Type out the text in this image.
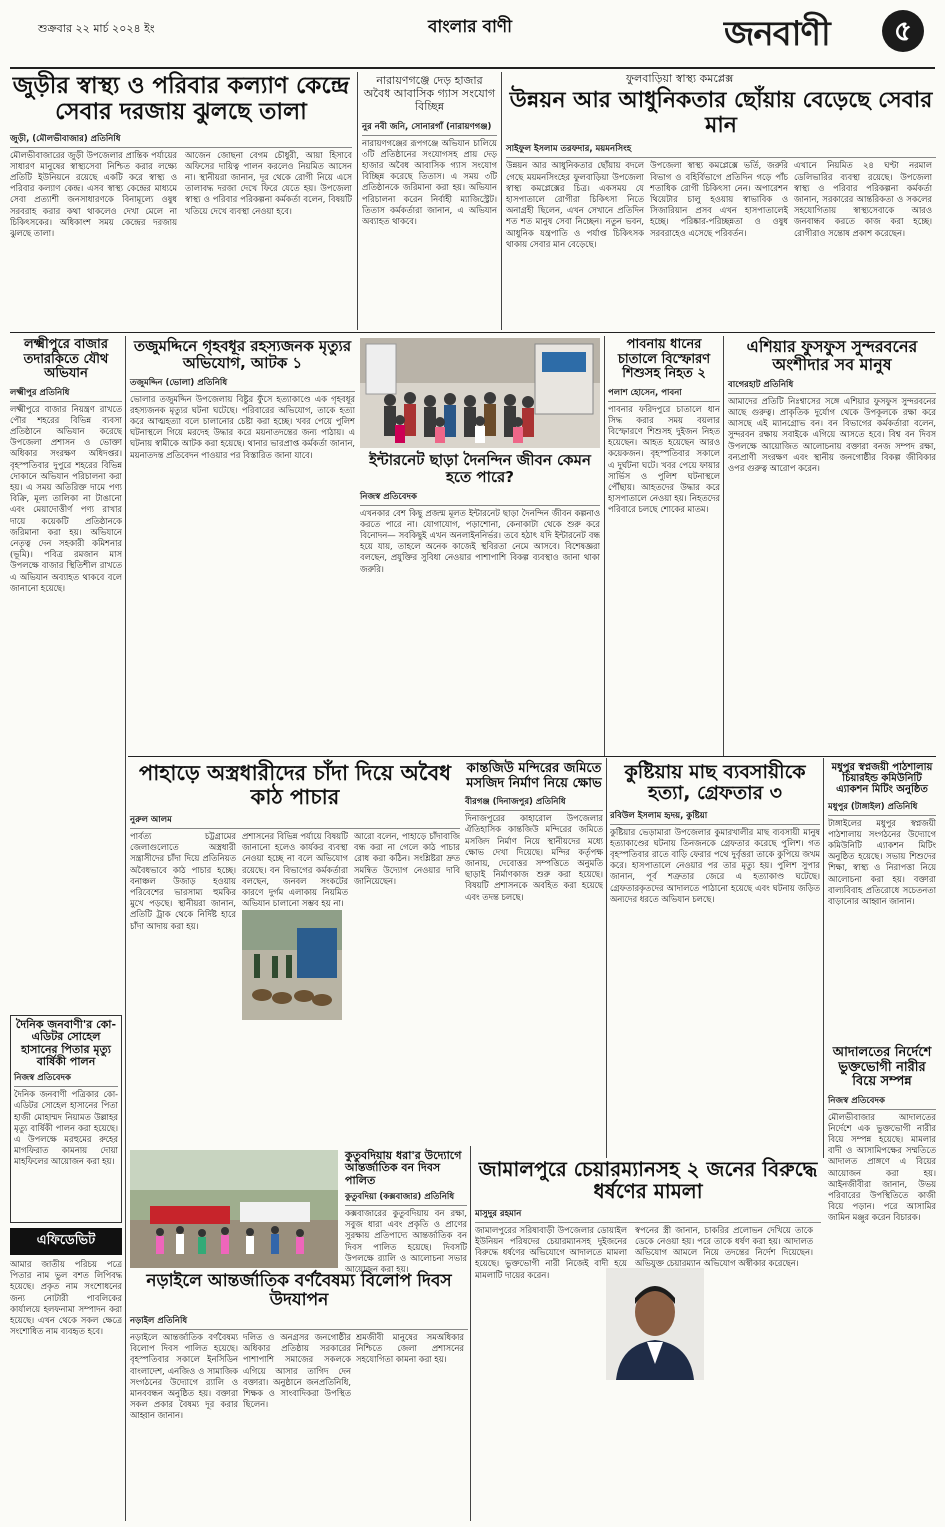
শুক্রবার ২২ মার্চ ২০২৪ ইং	বাংলার বাণী	জনবাণী	৫
জুড়ীর স্বাস্থ্য ও পরিবার কল্যাণ কেন্দ্রে সেবার দরজায় ঝুলছে তালা
জুড়ী, (মৌলভীবাজার) প্রতিনিধি
মৌলভীবাজারের জুড়ী উপজেলার প্রান্তিক পর্যায়ের সাধারণ মানুষের স্বাস্থ্যসেবা নিশ্চিত করার লক্ষ্যে প্রতিটি ইউনিয়নে রয়েছে একটি করে স্বাস্থ্য ও পরিবার কল্যাণ কেন্দ্র। এসব স্বাস্থ্য কেন্দ্রের মাধ্যমে সেবা প্রত্যাশী জনসাধারণকে বিনামূল্যে ওষুধ সরবরাহ করার কথা থাকলেও দেখা মেলে না চিকিৎসকের। অধিকাংশ সময় কেন্দ্রের দরজায় ঝুলছে তালা।
আজেন জোছনা বেগম চৌধুরী, আয়া হিসাবে অফিসের দায়িত্ব পালন করলেও নিয়মিত আসেন না। স্থানীয়রা জানান, দূর থেকে রোগী নিয়ে এসে তালাবদ্ধ দরজা দেখে ফিরে যেতে হয়। উপজেলা স্বাস্থ্য ও পরিবার পরিকল্পনা কর্মকর্তা বলেন, বিষয়টি খতিয়ে দেখে ব্যবস্থা নেওয়া হবে।
নারায়ণগঞ্জে দেড় হাজার অবৈধ আবাসিক গ্যাস সংযোগ বিচ্ছিন্ন
নুর নবী জনি, সোনারগাঁ (নারায়ণগঞ্জ)
নারায়ণগঞ্জের রূপগঞ্জে অভিযান চালিয়ে ৩টি প্রতিষ্ঠানের সংযোগসহ প্রায় দেড় হাজার অবৈধ আবাসিক গ্যাস সংযোগ বিচ্ছিন্ন করেছে তিতাস। এ সময় ৩টি প্রতিষ্ঠানকে জরিমানা করা হয়। অভিযান পরিচালনা করেন নির্বাহী ম্যাজিস্ট্রেট। তিতাস কর্মকর্তারা জানান, এ অভিযান অব্যাহত থাকবে।
ফুলবাড়িয়া স্বাস্থ্য কমপ্লেক্স
উন্নয়ন আর আধুনিকতার ছোঁয়ায় বেড়েছে সেবার মান
সাইফুল ইসলাম তরফদার, ময়মনসিংহ
উন্নয়ন আর আধুনিকতার ছোঁয়ায় বদলে গেছে ময়মনসিংহের ফুলবাড়িয়া উপজেলা স্বাস্থ্য কমপ্লেক্সের চিত্র। একসময় যে হাসপাতালে রোগীরা চিকিৎসা নিতে অনাগ্রহী ছিলেন, এখন সেখানে প্রতিদিন শত শত মানুষ সেবা নিচ্ছেন। নতুন ভবন, আধুনিক যন্ত্রপাতি ও পর্যাপ্ত চিকিৎসক থাকায় সেবার মান বেড়েছে।
উপজেলা স্বাস্থ্য কমপ্লেক্সে ভর্তি, জরুরি বিভাগ ও বহির্বিভাগে প্রতিদিন গড়ে পাঁচ শতাধিক রোগী চিকিৎসা নেন। অপারেশন থিয়েটার চালু হওয়ায় স্বাভাবিক ও সিজারিয়ান প্রসব এখন হাসপাতালেই হচ্ছে। পরিষ্কার-পরিচ্ছন্নতা ও ওষুধ সরবরাহেও এসেছে পরিবর্তন।
এখানে নিয়মিত ২৪ ঘণ্টা নরমাল ডেলিভারির ব্যবস্থা রয়েছে। উপজেলা স্বাস্থ্য ও পরিবার পরিকল্পনা কর্মকর্তা জানান, সরকারের আন্তরিকতা ও সকলের সহযোগিতায় স্বাস্থ্যসেবাকে আরও জনবান্ধব করতে কাজ করা হচ্ছে। রোগীরাও সন্তোষ প্রকাশ করেছেন।
লক্ষ্মীপুরে বাজার তদারকিতে যৌথ অভিযান
লক্ষ্মীপুর প্রতিনিধি
লক্ষ্মীপুরে বাজার নিয়ন্ত্রণ রাখতে পৌর শহরের বিভিন্ন ব্যবসা প্রতিষ্ঠানে অভিযান করেছে উপজেলা প্রশাসন ও ভোক্তা অধিকার সংরক্ষণ অধিদপ্তর। বৃহস্পতিবার দুপুরে শহরের বিভিন্ন দোকানে অভিযান পরিচালনা করা হয়। এ সময় অতিরিক্ত দামে পণ্য বিক্রি, মূল্য তালিকা না টাঙানো এবং মেয়াদোত্তীর্ণ পণ্য রাখার দায়ে কয়েকটি প্রতিষ্ঠানকে জরিমানা করা হয়। অভিযানে নেতৃত্ব দেন সহকারী কমিশনার (ভূমি)। পবিত্র রমজান মাস উপলক্ষে বাজার স্থিতিশীল রাখতে এ অভিযান অব্যাহত থাকবে বলে জানানো হয়েছে।
তজুমদ্দিনে গৃহবধূর রহস্যজনক মৃত্যুর অভিযোগ, আটক ১
তজুমদ্দিন (ভোলা) প্রতিনিধি
ভোলার তজুমদ্দিন উপজেলায় বিষ্টুর ফুঁসে হত্যাকাণ্ডে এক গৃহবধূর রহস্যজনক মৃত্যুর ঘটনা ঘটেছে। পরিবারের অভিযোগ, তাকে হত্যা করে আত্মহত্যা বলে চালানোর চেষ্টা করা হচ্ছে। খবর পেয়ে পুলিশ ঘটনাস্থলে গিয়ে মরদেহ উদ্ধার করে ময়নাতদন্তের জন্য পাঠায়। এ ঘটনায় স্বামীকে আটক করা হয়েছে। থানার ভারপ্রাপ্ত কর্মকর্তা জানান, ময়নাতদন্ত প্রতিবেদন পাওয়ার পর বিস্তারিত জানা যাবে।	ইন্টারনেট ছাড়া দৈনন্দিন জীবন কেমন হতে পারে?
নিজস্ব প্রতিবেদক
এখনকার বেশ কিছু প্রজন্ম মূলত ইন্টারনেট ছাড়া দৈনন্দিন জীবন কল্পনাও করতে পারে না। যোগাযোগ, পড়াশোনা, কেনাকাটা থেকে শুরু করে বিনোদন— সবকিছুই এখন অনলাইননির্ভর। তবে হঠাৎ যদি ইন্টারনেট বন্ধ হয়ে যায়, তাহলে অনেক কাজেই স্থবিরতা নেমে আসবে। বিশেষজ্ঞরা বলছেন, প্রযুক্তির সুবিধা নেওয়ার পাশাপাশি বিকল্প ব্যবস্থাও জানা থাকা জরুরি।
পাবনায় ধানের চাতালে বিস্ফোরণ শিশুসহ নিহত ২
পলাশ হোসেন, পাবনা
পাবনার ফরিদপুরে চাতালে ধান সিদ্ধ করার সময় বয়লার বিস্ফোরণে শিশুসহ দুইজন নিহত হয়েছেন। আহত হয়েছেন আরও কয়েকজন। বৃহস্পতিবার সকালে এ দুর্ঘটনা ঘটে। খবর পেয়ে ফায়ার সার্ভিস ও পুলিশ ঘটনাস্থলে পৌঁছায়। আহতদের উদ্ধার করে হাসপাতালে নেওয়া হয়। নিহতদের পরিবারে চলছে শোকের মাতম।
এশিয়ার ফুসফুস সুন্দরবনের অংশীদার সব মানুষ
বাগেরহাট প্রতিনিধি
আমাদের প্রতিটি নিঃশ্বাসের সঙ্গে এশিয়ার ফুসফুস সুন্দরবনের আছে গুরুত্ব। প্রাকৃতিক দুর্যোগ থেকে উপকূলকে রক্ষা করে আসছে এই ম্যানগ্রোভ বন। বন বিভাগের কর্মকর্তারা বলেন, সুন্দরবন রক্ষায় সবাইকে এগিয়ে আসতে হবে। বিশ্ব বন দিবস উপলক্ষে আয়োজিত আলোচনায় বক্তারা বনজ সম্পদ রক্ষা, বন্যপ্রাণী সংরক্ষণ এবং স্থানীয় জনগোষ্ঠীর বিকল্প জীবিকার ওপর গুরুত্ব আরোপ করেন।
পাহাড়ে অস্ত্রধারীদের চাঁদা দিয়ে অবৈধ কাঠ পাচার
নুরুল আলম
পার্বত্য চট্টগ্রামের জেলাগুলোতে অস্ত্রধারী সন্ত্রাসীদের চাঁদা দিয়ে প্রতিনিয়ত অবৈধভাবে কাঠ পাচার হচ্ছে। বনাঞ্চল উজাড় হওয়ায় পরিবেশের ভারসাম্য হুমকির মুখে পড়ছে। স্থানীয়রা জানান, প্রতিটি ট্রাক থেকে নির্দিষ্ট হারে চাঁদা আদায় করা হয়।
প্রশাসনের বিভিন্ন পর্যায়ে বিষয়টি জানানো হলেও কার্যকর ব্যবস্থা নেওয়া হচ্ছে না বলে অভিযোগ রয়েছে। বন বিভাগের কর্মকর্তারা বলছেন, জনবল সংকটের কারণে দুর্গম এলাকায় নিয়মিত অভিযান চালানো সম্ভব হয় না।
আরো বলেন, পাহাড়ে চাঁদাবাজি বন্ধ করা না গেলে কাঠ পাচার রোধ করা কঠিন। সংশ্লিষ্টরা দ্রুত সমন্বিত উদ্যোগ নেওয়ার দাবি জানিয়েছেন।
কান্তজিউ মন্দিরের জমিতে মসজিদ নির্মাণ নিয়ে ক্ষোভ
বীরগঞ্জ (দিনাজপুর) প্রতিনিধি
দিনাজপুরের কাহারোল উপজেলার ঐতিহাসিক কান্তজিউ মন্দিরের জমিতে মসজিদ নির্মাণ নিয়ে স্থানীয়দের মধ্যে ক্ষোভ দেখা দিয়েছে। মন্দির কর্তৃপক্ষ জানায়, দেবোত্তর সম্পত্তিতে অনুমতি ছাড়াই নির্মাণকাজ শুরু করা হয়েছে। বিষয়টি প্রশাসনকে অবহিত করা হয়েছে এবং তদন্ত চলছে।
কুষ্টিয়ায় মাছ ব্যবসায়ীকে হত্যা, গ্রেফতার ৩
রবিউল ইসলাম হৃদয়, কুষ্টিয়া
কুষ্টিয়ার ভেড়ামারা উপজেলার কুমারখালীর মাছ ব্যবসায়ী মানুষ হত্যাকাণ্ডের ঘটনায় তিনজনকে গ্রেফতার করেছে পুলিশ। গত বৃহস্পতিবার রাতে বাড়ি ফেরার পথে দুর্বৃত্তরা তাকে কুপিয়ে জখম করে। হাসপাতালে নেওয়ার পর তার মৃত্যু হয়। পুলিশ সুপার জানান, পূর্ব শত্রুতার জেরে এ হত্যাকাণ্ড ঘটেছে। গ্রেফতারকৃতদের আদালতে পাঠানো হয়েছে এবং ঘটনায় জড়িত অন্যদের ধরতে অভিযান চলছে।
মধুপুর স্বপ্নজয়ী পাঠশালায় চিয়ারইন্ড কমিউনিটি এ্যাকশন মিটিং অনুষ্ঠিত
মধুপুর (টাঙ্গাইল) প্রতিনিধি
টাঙ্গাইলের মধুপুর স্বপ্নজয়ী পাঠশালায় সংগঠনের উদ্যোগে কমিউনিটি এ্যাকশন মিটিং অনুষ্ঠিত হয়েছে। সভায় শিশুদের শিক্ষা, স্বাস্থ্য ও নিরাপত্তা নিয়ে আলোচনা করা হয়। বক্তারা বাল্যবিবাহ প্রতিরোধে সচেতনতা বাড়ানোর আহ্বান জানান।
আদালতের নির্দেশে ভুক্তভোগী নারীর বিয়ে সম্পন্ন
নিজস্ব প্রতিবেদক
মৌলভীবাজার আদালতের নির্দেশে এক ভুক্তভোগী নারীর বিয়ে সম্পন্ন হয়েছে। মামলার বাদী ও আসামিপক্ষের সম্মতিতে আদালত প্রাঙ্গণে এ বিয়ের আয়োজন করা হয়। আইনজীবীরা জানান, উভয় পরিবারের উপস্থিতিতে কাজী বিয়ে পড়ান। পরে আসামির জামিন মঞ্জুর করেন বিচারক।
দৈনিক জনবাণী'র কো-এডিটর সোহেল হাসানের পিতার মৃত্যু বার্ষিকী পালন
নিজস্ব প্রতিবেদক
দৈনিক জনবাণী পত্রিকার কো-এডিটর সোহেল হাসানের পিতা হাজী মোহাম্মদ নিয়ামত উল্লাহর মৃত্যু বার্ষিকী পালন করা হয়েছে। এ উপলক্ষে মরহুমের রুহের মাগফিরাত কামনায় দোয়া মাহফিলের আয়োজন করা হয়।
এফিডেভিট
আমার জাতীয় পরিচয় পত্রে পিতার নাম ভুল বশত লিপিবদ্ধ হয়েছে। প্রকৃত নাম সংশোধনের জন্য নোটারী পাবলিকের কার্যালয়ে হলফনামা সম্পাদন করা হয়েছে। এখন থেকে সকল ক্ষেত্রে সংশোধিত নাম ব্যবহৃত হবে।
কুতুবদিয়ায় ধরা'র উদ্যোগে আন্তর্জাতিক বন দিবস পালিত
কুতুবদিয়া (কক্সবাজার) প্রতিনিধি
কক্সবাজারের কুতুবদিয়ায় বন রক্ষা, সবুজ ধারা এবং প্রকৃতি ও প্রাণের সুরক্ষায় প্রতিপাদ্যে আন্তর্জাতিক বন দিবস পালিত হয়েছে। দিবসটি উপলক্ষে র‍্যালি ও আলোচনা সভার আয়োজন করা হয়।
জামালপুরে চেয়ারম্যানসহ ২ জনের বিরুদ্ধে ধর্ষণের মামলা
মাসুদুর রহমান
জামালপুরের সরিষাবাড়ী উপজেলার ডোয়াইল ইউনিয়ন পরিষদের চেয়ারম্যানসহ দুইজনের বিরুদ্ধে ধর্ষণের অভিযোগে আদালতে মামলা হয়েছে। ভুক্তভোগী নারী নিজেই বাদী হয়ে মামলাটি দায়ের করেন।
স্বপনের স্ত্রী জানান, চাকরির প্রলোভন দেখিয়ে তাকে ডেকে নেওয়া হয়। পরে তাকে ধর্ষণ করা হয়। আদালত অভিযোগ আমলে নিয়ে তদন্তের নির্দেশ দিয়েছেন। অভিযুক্ত চেয়ারম্যান অভিযোগ অস্বীকার করেছেন।
নড়াইলে আন্তর্জাতিক বর্ণবৈষম্য বিলোপ দিবস উদযাপন
নড়াইল প্রতিনিধি
নড়াইলে আন্তর্জাতিক বর্ণবৈষম্য বিলোপ দিবস পালিত হয়েছে। বৃহস্পতিবার সকালে ইনসিডিন বাংলাদেশ, এনজিও ও সামাজিক সংগঠনের উদ্যোগে র‍্যালি ও মানববন্ধন অনুষ্ঠিত হয়। বক্তারা সকল প্রকার বৈষম্য দূর করার আহ্বান জানান।
দলিত ও অনগ্রসর জনগোষ্ঠীর অধিকার প্রতিষ্ঠায় সরকারের পাশাপাশি সমাজের সকলকে এগিয়ে আসার তাগিদ দেন বক্তারা। অনুষ্ঠানে জনপ্রতিনিধি, শিক্ষক ও সাংবাদিকরা উপস্থিত ছিলেন।
শ্রমজীবী মানুষের সমঅধিকার নিশ্চিতে জেলা প্রশাসনের সহযোগিতা কামনা করা হয়।
